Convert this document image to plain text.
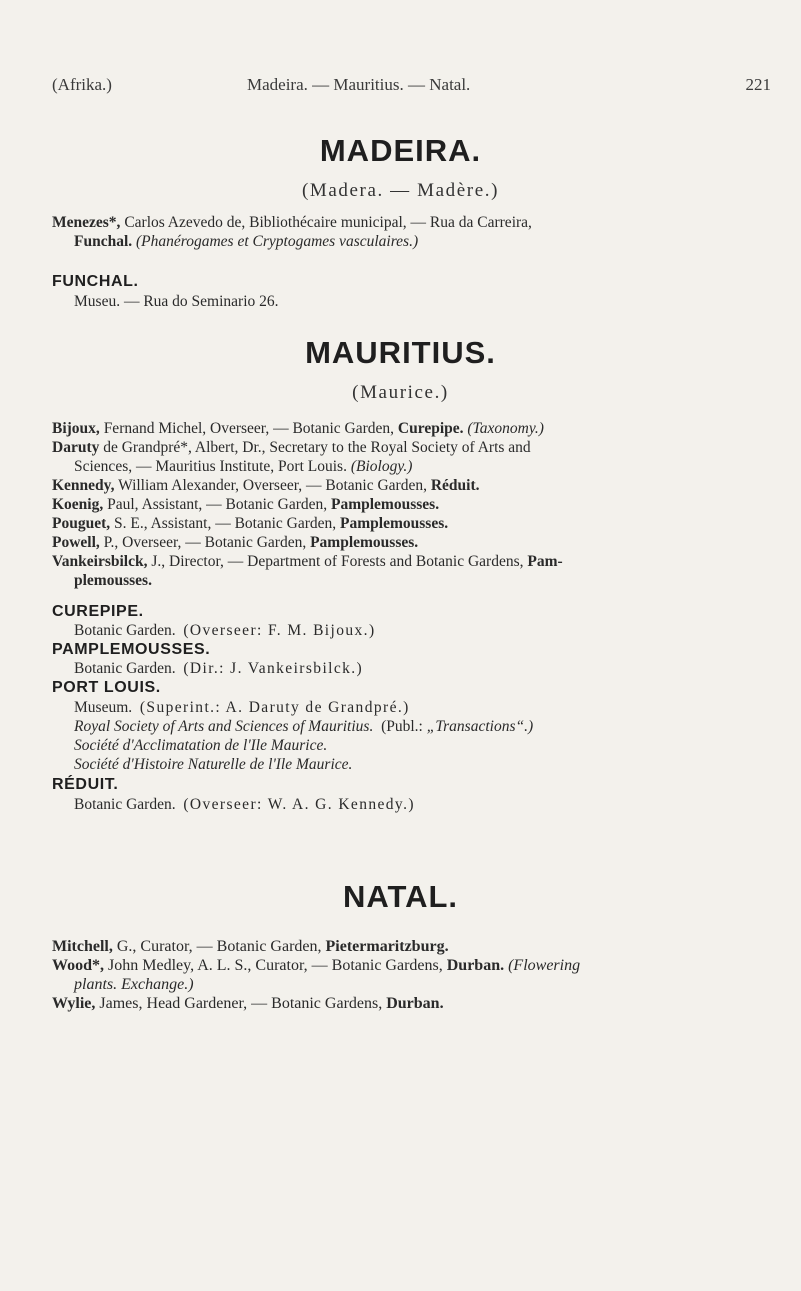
(Afrika.)	Madeira. — Mauritius. — Natal.	221
MADEIRA.
(Madera. — Madère.)

Menezes*, Carlos Azevedo de, Bibliothécaire municipal, — Rua da Carreira,
Funchal. (Phanérogames et Cryptogames vasculaires.)

FUNCHAL.
Museu. — Rua do Seminario 26.
MAURITIUS.
(Maurice.)

Bijoux, Fernand Michel, Overseer, — Botanic Garden, Curepipe. (Taxonomy.)

Daruty de Grandpré*, Albert, Dr., Secretary to the Royal Society of Arts and
Sciences, — Mauritius Institute, Port Louis. (Biology.)

Kennedy, William Alexander, Overseer, — Botanic Garden, Réduit.

Koenig, Paul, Assistant, — Botanic Garden, Pamplemousses.

Pouguet, S. E., Assistant, — Botanic Garden, Pamplemousses.

Powell, P., Overseer, — Botanic Garden, Pamplemousses.

Vankeirsbilck, J., Director, — Department of Forests and Botanic Gardens, Pam-
plemousses.

CUREPIPE.
Botanic Garden. (Overseer: F. M. Bijoux.)
PAMPLEMOUSSES.
Botanic Garden. (Dir.: J. Vankeirsbilck.)
PORT LOUIS.
Museum. (Superint.: A. Daruty de Grandpré.)
Royal Society of Arts and Sciences of Mauritius. (Publ.: „Transactions“.)
Société d'Acclimatation de l'Ile Maurice.
Société d'Histoire Naturelle de l'Ile Maurice.
RÉDUIT.
Botanic Garden. (Overseer: W. A. G. Kennedy.)
NATAL.

Mitchell, G., Curator, — Botanic Garden, Pietermaritzburg.

Wood*, John Medley, A. L. S., Curator, — Botanic Gardens, Durban. (Flowering
plants. Exchange.)

Wylie, James, Head Gardener, — Botanic Gardens, Durban.
